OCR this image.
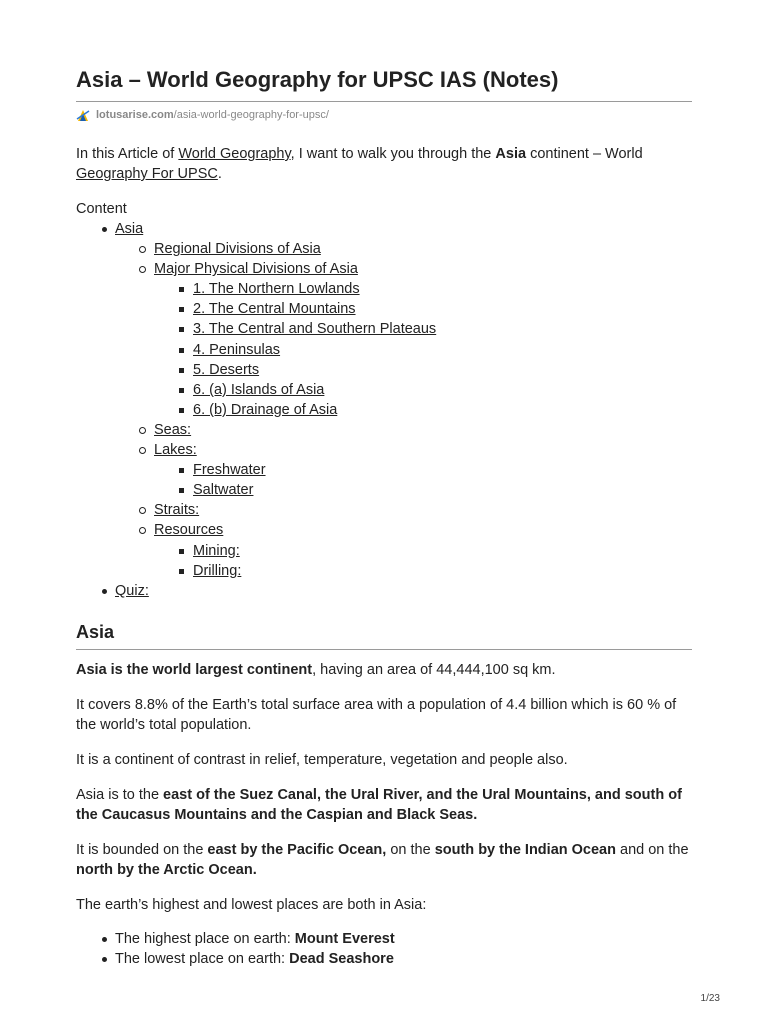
Asia – World Geography for UPSC IAS (Notes)
lotusarise.com /asia-world-geography-for-upsc/

In this Article of World Geography, I want to walk you through the Asia continent – World Geography For UPSC.

Content

Asia
Regional Divisions of Asia
Major Physical Divisions of Asia
1. The Northern Lowlands
2. The Central Mountains
3. The Central and Southern Plateaus
4. Peninsulas
5. Deserts
6. (a) Islands of Asia
6. (b) Drainage of Asia
Seas:
Lakes:
Freshwater
Saltwater
Straits:
Resources
Mining:
Drilling:
Quiz:
Asia

Asia is the world largest continent, having an area of 44,444,100 sq km.

It covers 8.8% of the Earth’s total surface area with a population of 4.4 billion which is 60 % of the world’s total population.

It is a continent of contrast in relief, temperature, vegetation and people also.

Asia is to the east of the Suez Canal, the Ural River, and the Ural Mountains, and south of the Caucasus Mountains and the Caspian and Black Seas.

It is bounded on the east by the Pacific Ocean, on the south by the Indian Ocean and on the north by the Arctic Ocean.

The earth’s highest and lowest places are both in Asia:

The highest place on earth: Mount Everest
The lowest place on earth: Dead Seashore
1/23
